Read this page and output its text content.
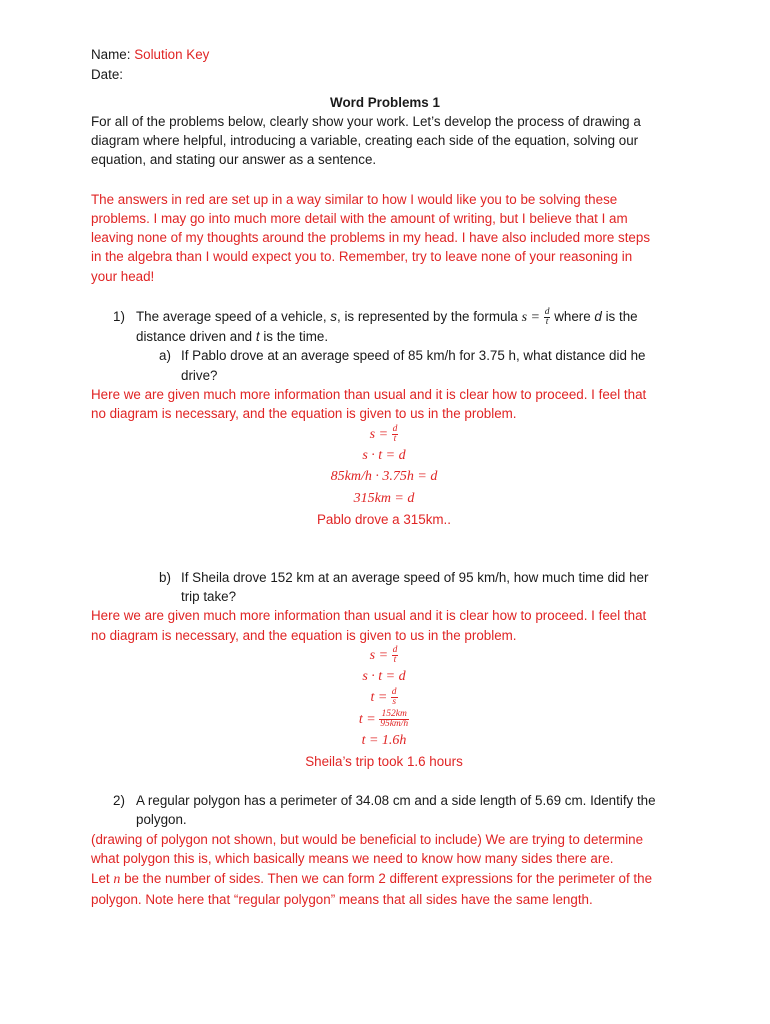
Name: Solution Key
Date:
Word Problems 1
For all of the problems below, clearly show your work. Let’s develop the process of drawing a
diagram where helpful, introducing a variable, creating each side of the equation, solving our
equation, and stating our answer as a sentence.
The answers in red are set up in a way similar to how I would like you to be solving these
problems. I may go into much more detail with the amount of writing, but I believe that I am
leaving none of my thoughts around the problems in my head. I have also included more steps
in the algebra than I would expect you to. Remember, try to leave none of your reasoning in
your head!
1) The average speed of a vehicle, s, is represented by the formula $s = \frac{d}{t}$ where d is the
distance driven and t is the time.
a) If Pablo drove at an average speed of 85 km/h for 3.75 h, what distance did he
drive?
Here we are given much more information than usual and it is clear how to proceed. I feel that
no diagram is necessary, and the equation is given to us in the problem.
$s = \frac{d}{t}$
s · t = d
85km/h · 3.75h = d
315km = d
Pablo drove a 315km..
b) If Sheila drove 152 km at an average speed of 95 km/h, how much time did her
trip take?
Here we are given much more information than usual and it is clear how to proceed. I feel that
no diagram is necessary, and the equation is given to us in the problem.
$s = \frac{d}{t}$
s · t = d
$t = \frac{d}{s}$
$t = \frac{152km}{95km/h}$
t = 1.6h
Sheila’s trip took 1.6 hours
2) A regular polygon has a perimeter of 34.08 cm and a side length of 5.69 cm. Identify the
polygon.
(drawing of polygon not shown, but would be beneficial to include) We are trying to determine
what polygon this is, which basically means we need to know how many sides there are.
Let n be the number of sides. Then we can form 2 different expressions for the perimeter of the
polygon. Note here that “regular polygon” means that all sides have the same length.
